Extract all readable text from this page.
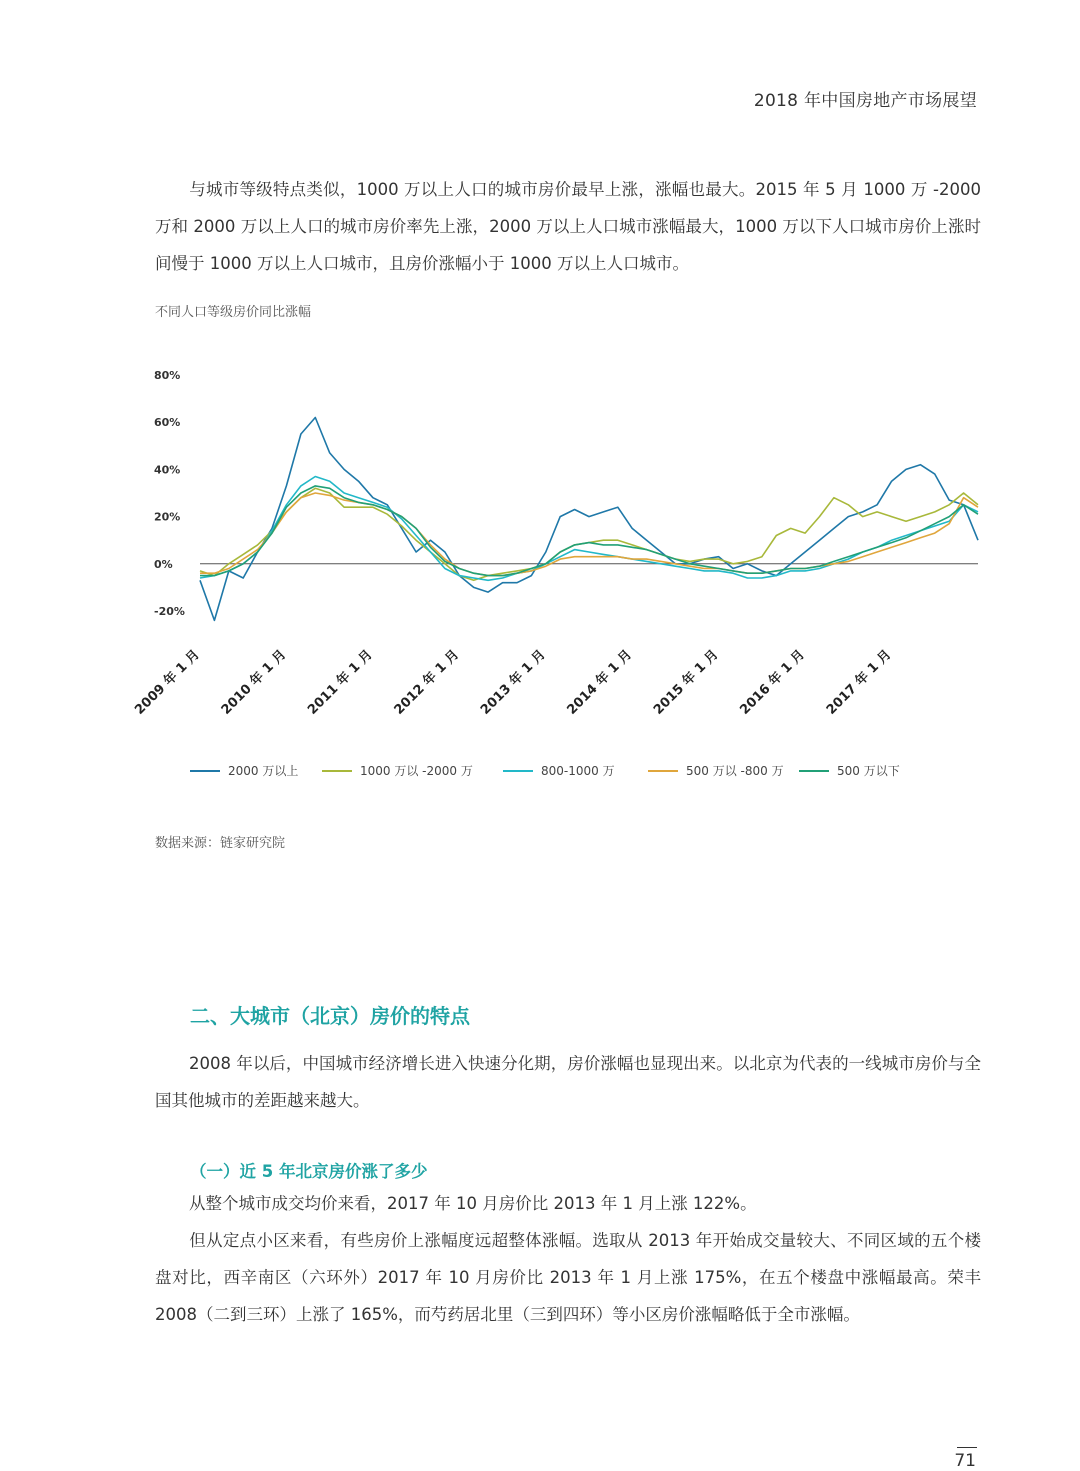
2018 年中国房地产市场展望
与城市等级特点类似，1000 万以上人口的城市房价最早上涨，涨幅也最大。2015 年 5 月 1000 万 -2000 万和 2000 万以上人口的城市房价率先上涨，2000 万以上人口城市涨幅最大，1000 万以下人口城市房价上涨时间慢于 1000 万以上人口城市，且房价涨幅小于 1000 万以上人口城市。
不同人口等级房价同比涨幅
-20%
0%
20%
40%
60%
80%
2009 年 1 月 2010 年 1 月 2011 年 1 月 2012 年 1 月 2013 年 1 月 2014 年 1 月 2015 年 1 月 2016 年 1 月 2017 年 1 月
2000 万以上	1000 万以 -2000 万	800-1000 万	500 万以 -800 万	500 万以下
数据来源：链家研究院
二、大城市（北京）房价的特点
2008 年以后，中国城市经济增长进入快速分化期，房价涨幅也显现出来。以北京为代表的一线城市房价与全国其他城市的差距越来越大。
（一）近 5 年北京房价涨了多少
从整个城市成交均价来看，2017 年 10 月房价比 2013 年 1 月上涨 122%。
但从定点小区来看，有些房价上涨幅度远超整体涨幅。选取从 2013 年开始成交量较大、不同区域的五个楼盘对比，西辛南区（六环外）2017 年 10 月房价比 2013 年 1 月上涨 175%，在五个楼盘中涨幅最高。荣丰 2008（二到三环）上涨了 165%，而芍药居北里（三到四环）等小区房价涨幅略低于全市涨幅。
71
